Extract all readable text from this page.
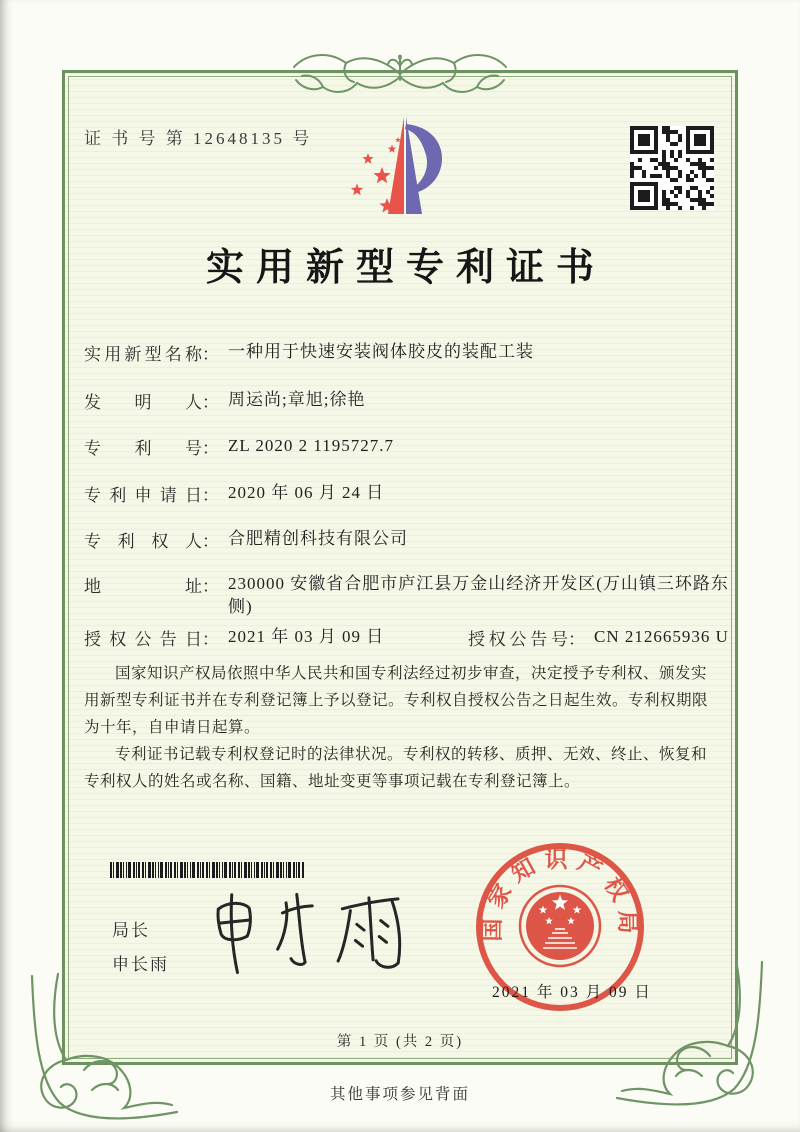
证 书 号 第 12648135 号
实用新型专利证书
实用新型名称 ： 一种用于快速安装阀体胶皮的装配工装
发明人 ： 周运尚;章旭;徐艳
专利号 ： ZL 2020 2 1195727.7
专利申请日 ： 2020 年 06 月 24 日
专利权人 ： 合肥精创科技有限公司
地址 ： 230000 安徽省合肥市庐江县万金山经济开发区(万山镇三环路东侧)
授权公告日 ： 2021 年 03 月 09 日	授权公告号 ： CN 212665936 U

国家知识产权局依照中华人民共和国专利法经过初步审查，决定授予专利权、颁发实用新型专利证书并在专利登记簿上予以登记。专利权自授权公告之日起生效。专利权期限为十年，自申请日起算。

专利证书记载专利权登记时的法律状况。专利权的转移、质押、无效、终止、恢复和专利权人的姓名或名称、国籍、地址变更等事项记载在专利登记簿上。

局长
申长雨
国家知识产权局
2021 年 03 月 09 日
第 1 页 (共 2 页)
其他事项参见背面
